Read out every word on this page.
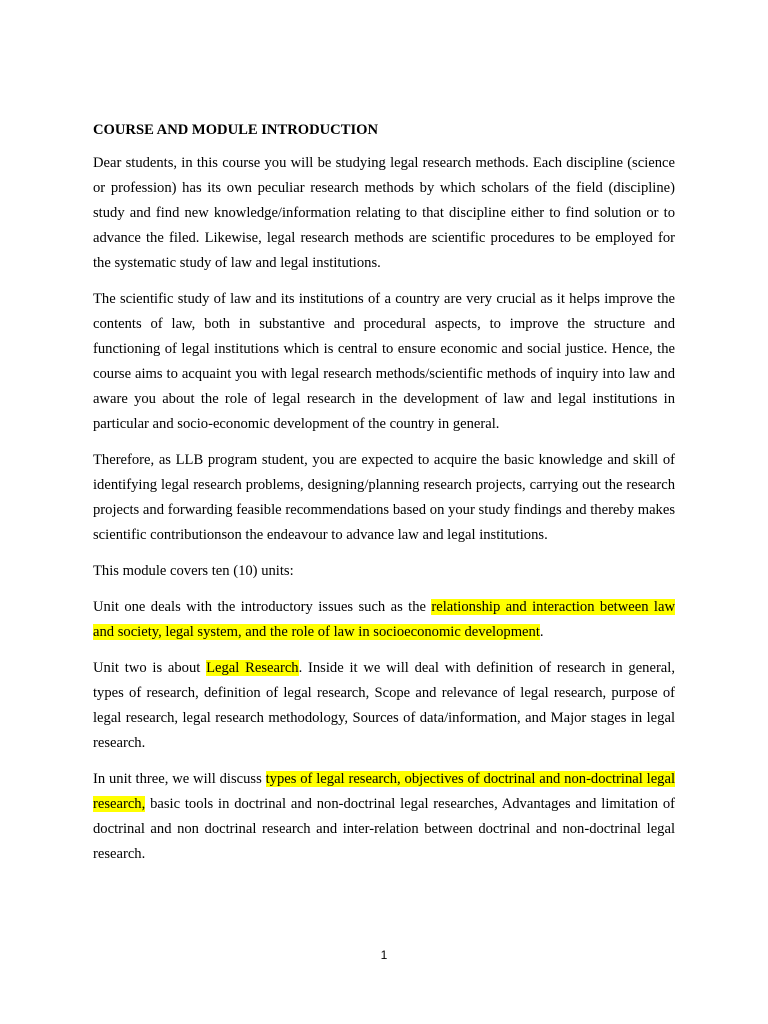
COURSE AND MODULE INTRODUCTION

Dear students, in this course you will be studying legal research methods. Each discipline (science or profession) has its own peculiar research methods by which scholars of the field (discipline) study and find new knowledge/information relating to that discipline either to find solution or to advance the filed. Likewise, legal research methods are scientific procedures to be employed for the systematic study of law and legal institutions.

The scientific study of law and its institutions of a country are very crucial as it helps improve the contents of law, both in substantive and procedural aspects, to improve the structure and functioning of legal institutions which is central to ensure economic and social justice. Hence, the course aims to acquaint you with legal research methods/scientific methods of inquiry into law and aware you about the role of legal research in the development of law and legal institutions in particular and socio-economic development of the country in general.

Therefore, as LLB program student, you are expected to acquire the basic knowledge and skill of identifying legal research problems, designing/planning research projects, carrying out the research projects and forwarding feasible recommendations based on your study findings and thereby makes scientific contributionson the endeavour to advance law and legal institutions.

This module covers ten (10) units:

Unit one deals with the introductory issues such as the relationship and interaction between law and society, legal system, and the role of law in socioeconomic development.

Unit two is about Legal Research. Inside it we will deal with definition of research in general, types of research, definition of legal research, Scope and relevance of legal research, purpose of legal research, legal research methodology, Sources of data/information, and Major stages in legal research.

In unit three, we will discuss types of legal research, objectives of doctrinal and non-doctrinal legal research, basic tools in doctrinal and non-doctrinal legal researches, Advantages and limitation of doctrinal and non doctrinal research and inter-relation between doctrinal and non-doctrinal legal research.

1
